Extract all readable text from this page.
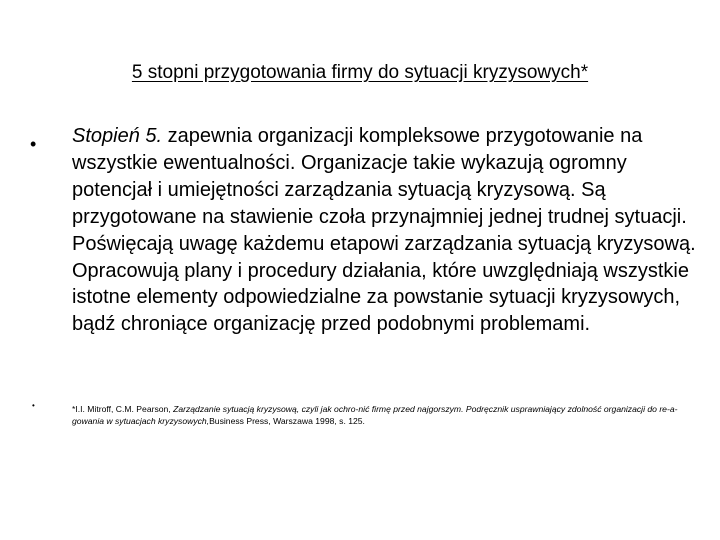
5 stopni przygotowania firmy do sytuacji kryzysowych*
• Stopień 5. zapewnia organizacji kompleksowe przygotowanie na wszystkie ewentualności. Organizacje takie wykazują ogromny potencjał i umiejętności zarządzania sytuacją kryzysową. Są przygotowane na stawienie czoła przynajmniej jednej trudnej sytuacji. Poświęcają uwagę każdemu etapowi zarządzania sytuacją kryzysową. Opracowują plany i procedury działania, które uwzględniają wszystkie istotne elementy odpowiedzialne za powstanie sytuacji kryzysowych, bądź chroniące organizację przed podobnymi problemami.
•	*I.I. Mitroff, C.M. Pearson, Zarządzanie sytuacją kryzysową, czyli jak ochro-nić firmę przed najgorszym. Podręcznik usprawniający zdolność organizacji do re-a-gowania w sytuacjach kryzysowych,Business Press, Warszawa 1998, s. 125.
